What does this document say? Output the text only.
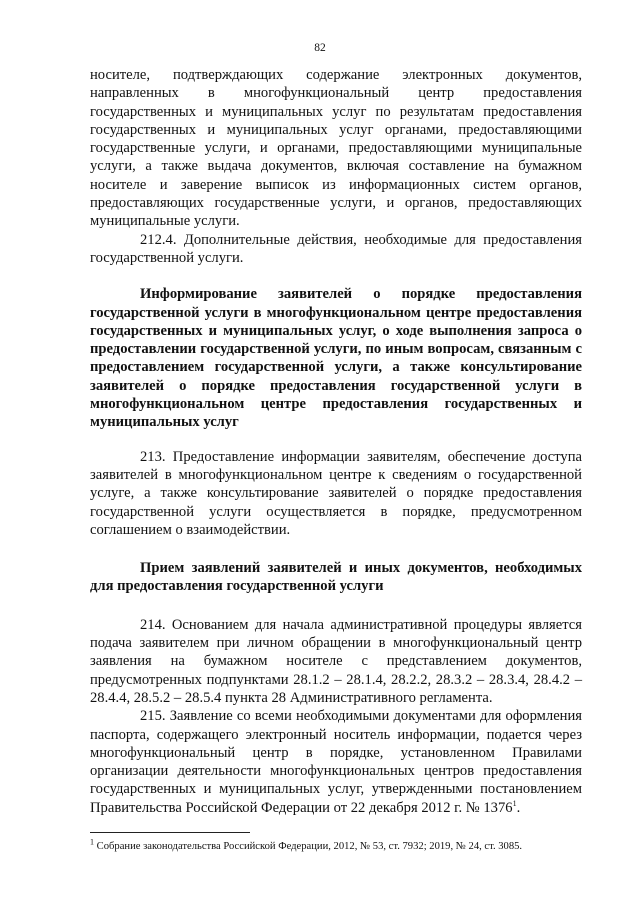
82

носителе, подтверждающих содержание электронных документов, направленных в многофункциональный центр предоставления государственных и муниципальных услуг по результатам предоставления государственных и муниципальных услуг органами, предоставляющими государственные услуги, и органами, предоставляющими муниципальные услуги, а также выдача документов, включая составление на бумажном носителе и заверение выписок из информационных систем органов, предоставляющих государственные услуги, и органов, предоставляющих муниципальные услуги.

212.4. Дополнительные действия, необходимые для предоставления государственной услуги.

Информирование заявителей о порядке предоставления государственной услуги в многофункциональном центре предоставления государственных и муниципальных услуг, о ходе выполнения запроса о предоставлении государственной услуги, по иным вопросам, связанным с предоставлением государственной услуги, а также консультирование заявителей о порядке предоставления государственной услуги в многофункциональном центре предоставления государственных и муниципальных услуг

213. Предоставление информации заявителям, обеспечение доступа заявителей в многофункциональном центре к сведениям о государственной услуге, а также консультирование заявителей о порядке предоставления государственной услуги осуществляется в порядке, предусмотренном соглашением о взаимодействии.

Прием заявлений заявителей и иных документов, необходимых для предоставления государственной услуги

214. Основанием для начала административной процедуры является подача заявителем при личном обращении в многофункциональный центр заявления на бумажном носителе с представлением документов, предусмотренных подпунктами 28.1.2 – 28.1.4, 28.2.2, 28.3.2 – 28.3.4, 28.4.2 – 28.4.4, 28.5.2 – 28.5.4 пункта 28 Административного регламента.

215. Заявление со всеми необходимыми документами для оформления паспорта, содержащего электронный носитель информации, подается через многофункциональный центр в порядке, установленном Правилами организации деятельности многофункциональных центров предоставления государственных и муниципальных услуг, утвержденными постановлением Правительства Российской Федерации от 22 декабря 2012 г. № 1376$^1$.

$^1$ Собрание законодательства Российской Федерации, 2012, № 53, ст. 7932; 2019, № 24, ст. 3085.
